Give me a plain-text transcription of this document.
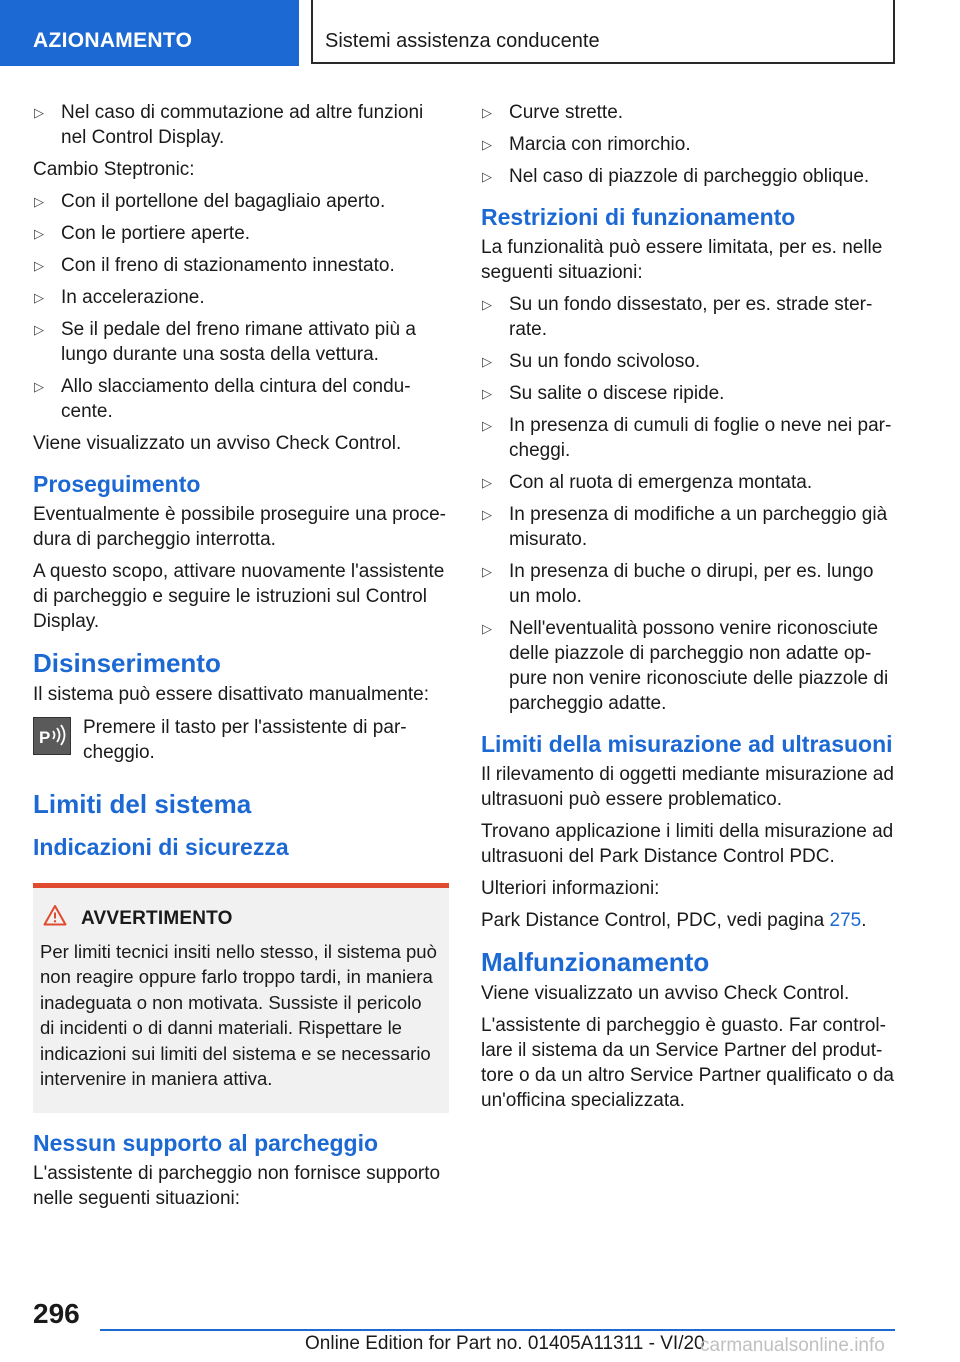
AZIONAMENTO	Sistemi assistenza conducente
▷ Nel caso di commutazione ad altre funzioni nel Control Display.

Cambio Steptronic:

▷ Con il portellone del bagagliaio aperto.
▷ Con le portiere aperte.
▷ Con il freno di stazionamento innestato.
▷ In accelerazione.
▷ Se il pedale del freno rimane attivato più a lungo durante una sosta della vettura.
▷ Allo slacciamento della cintura del conducente.

Viene visualizzato un avviso Check Control.

Proseguimento

Eventualmente è possibile proseguire una procedura di parcheggio interrotta.

A questo scopo, attivare nuovamente l'assistente di parcheggio e seguire le istruzioni sul Control Display.

Disinserimento

Il sistema può essere disattivato manualmente:

P Premere il tasto per l'assistente di parcheggio.
Limiti del sistema
Indicazioni di sicurezza
AVVERTIMENTO

Per limiti tecnici insiti nello stesso, il sistema può non reagire oppure farlo troppo tardi, in maniera inadeguata o non motivata. Sussiste il pericolo di incidenti o di danni materiali. Rispettare le indicazioni sui limiti del sistema e se necessario intervenire in maniera attiva.

Nessun supporto al parcheggio

L'assistente di parcheggio non fornisce supporto nelle seguenti situazioni:

▷ Curve strette.
▷ Marcia con rimorchio.
▷ Nel caso di piazzole di parcheggio oblique.
Restrizioni di funzionamento

La funzionalità può essere limitata, per es. nelle seguenti situazioni:

▷ Su un fondo dissestato, per es. strade sterrate.
▷ Su un fondo scivoloso.
▷ Su salite o discese ripide.
▷ In presenza di cumuli di foglie o neve nei parcheggi.
▷ Con al ruota di emergenza montata.
▷ In presenza di modifiche a un parcheggio già misurato.
▷ In presenza di buche o dirupi, per es. lungo un molo.
▷ Nell'eventualità possono venire riconosciute delle piazzole di parcheggio non adatte oppure non venire riconosciute delle piazzole di parcheggio adatte.
Limiti della misurazione ad ultrasuoni

Il rilevamento di oggetti mediante misurazione ad ultrasuoni può essere problematico.

Trovano applicazione i limiti della misurazione ad ultrasuoni del Park Distance Control PDC.

Ulteriori informazioni:

Park Distance Control, PDC, vedi pagina 275.

Malfunzionamento

Viene visualizzato un avviso Check Control.

L'assistente di parcheggio è guasto. Far controllare il sistema da un Service Partner del produttore o da un altro Service Partner qualificato o da un'officina specializzata.

296
Online Edition for Part no. 01405A11311 - VI/20
carmanualsonline.info
